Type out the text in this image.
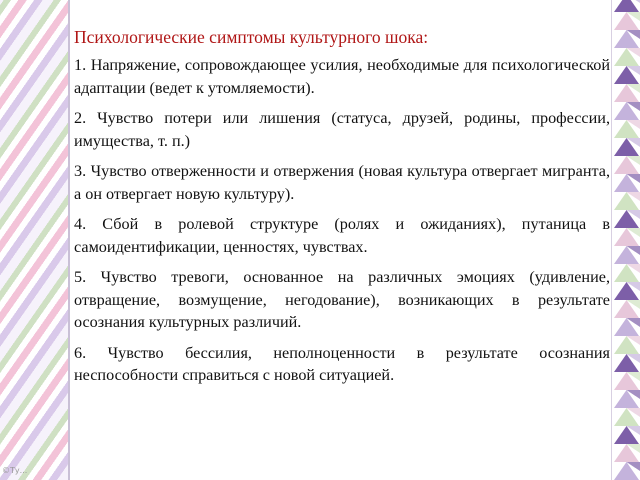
Психологические симптомы культурного шока:

1. Напряжение, сопровождающее усилия, необходимые для психологической адаптации (ведет к утомляемости).

2. Чувство потери или лишения (статуса, друзей, родины, профессии, имущества, т. п.)

3. Чувство отверженности и отвержения (новая культура отвергает мигранта, а он отвергает новую культуру).

4. Сбой в ролевой структуре (ролях и ожиданиях), путаница в самоидентификации, ценностях, чувствах.

5. Чувство тревоги, основанное на различных эмоциях (удивление, отвращение, возмущение, негодование), возникающих в результате осознания культурных различий.

6. Чувство бессилия, неполноценности в результате осознания неспособности справиться с новой ситуацией.

©Ту...
